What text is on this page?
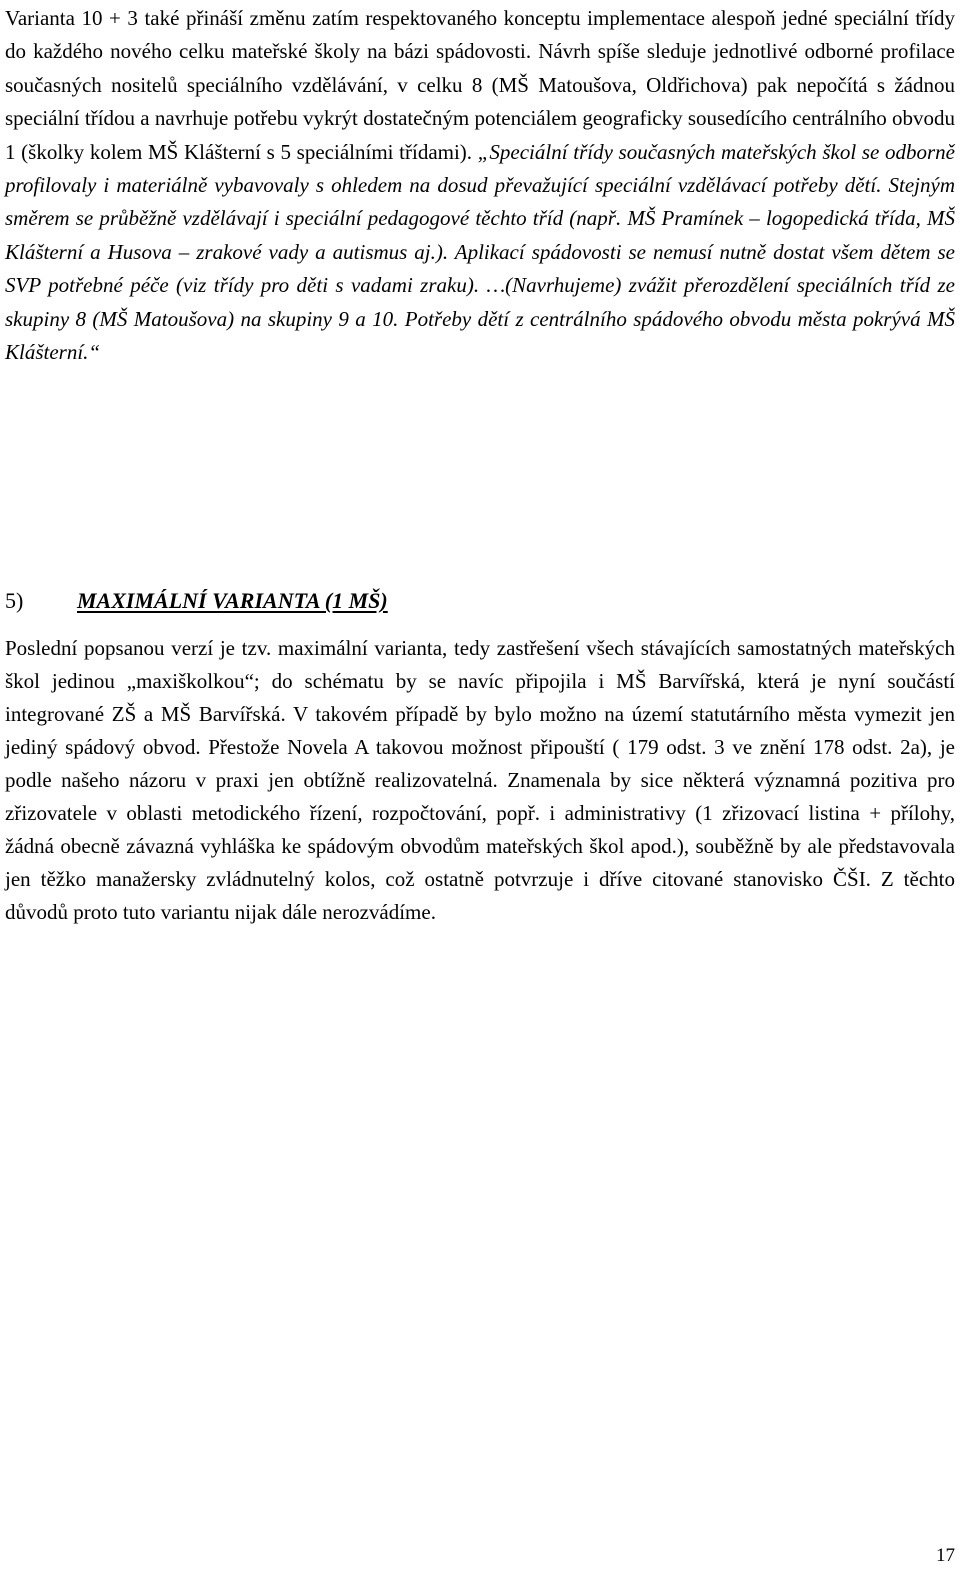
Varianta 10 + 3 také přináší změnu zatím respektovaného konceptu implementace alespoň jedné speciální třídy do každého nového celku mateřské školy na bázi spádovosti. Návrh spíše sleduje jednotlivé odborné profilace současných nositelů speciálního vzdělávání, v celku 8 (MŠ Matoušova, Oldřichova) pak nepočítá s žádnou speciální třídou a navrhuje potřebu vykrýt dostatečným potenciálem geograficky sousedícího centrálního obvodu 1 (školky kolem MŠ Klášterní s 5 speciálními třídami). „Speciální třídy současných mateřských škol se odborně profilovaly i materiálně vybavovaly s ohledem na dosud převažující speciální vzdělávací potřeby dětí. Stejným směrem se průběžně vzdělávají i speciální pedagogové těchto tříd (např. MŠ Pramínek – logopedická třída, MŠ Klášterní a Husova – zrakové vady a autismus aj.). Aplikací spádovosti se nemusí nutně dostat všem dětem se SVP potřebné péče (viz třídy pro děti s vadami zraku). …(Navrhujeme) zvážit přerozdělení speciálních tříd ze skupiny 8 (MŠ Matoušova) na skupiny 9 a 10. Potřeby dětí z centrálního spádového obvodu města pokrývá MŠ Klášterní.“

5) MAXIMÁLNÍ VARIANTA (1 MŠ)

Poslední popsanou verzí je tzv. maximální varianta, tedy zastřešení všech stávajících samostatných mateřských škol jedinou „maxiškolkou“; do schématu by se navíc připojila i MŠ Barvířská, která je nyní součástí integrované ZŠ a MŠ Barvířská. V takovém případě by bylo možno na území statutárního města vymezit jen jediný spádový obvod. Přestože Novela A takovou možnost připouští ( 179 odst. 3 ve znění 178 odst. 2a), je podle našeho názoru v praxi jen obtížně realizovatelná. Znamenala by sice některá významná pozitiva pro zřizovatele v oblasti metodického řízení, rozpočtování, popř. i administrativy (1 zřizovací listina + přílohy, žádná obecně závazná vyhláška ke spádovým obvodům mateřských škol apod.), souběžně by ale představovala jen těžko manažersky zvládnutelný kolos, což ostatně potvrzuje i dříve citované stanovisko ČŠI. Z těchto důvodů proto tuto variantu nijak dále nerozvádíme.

17
